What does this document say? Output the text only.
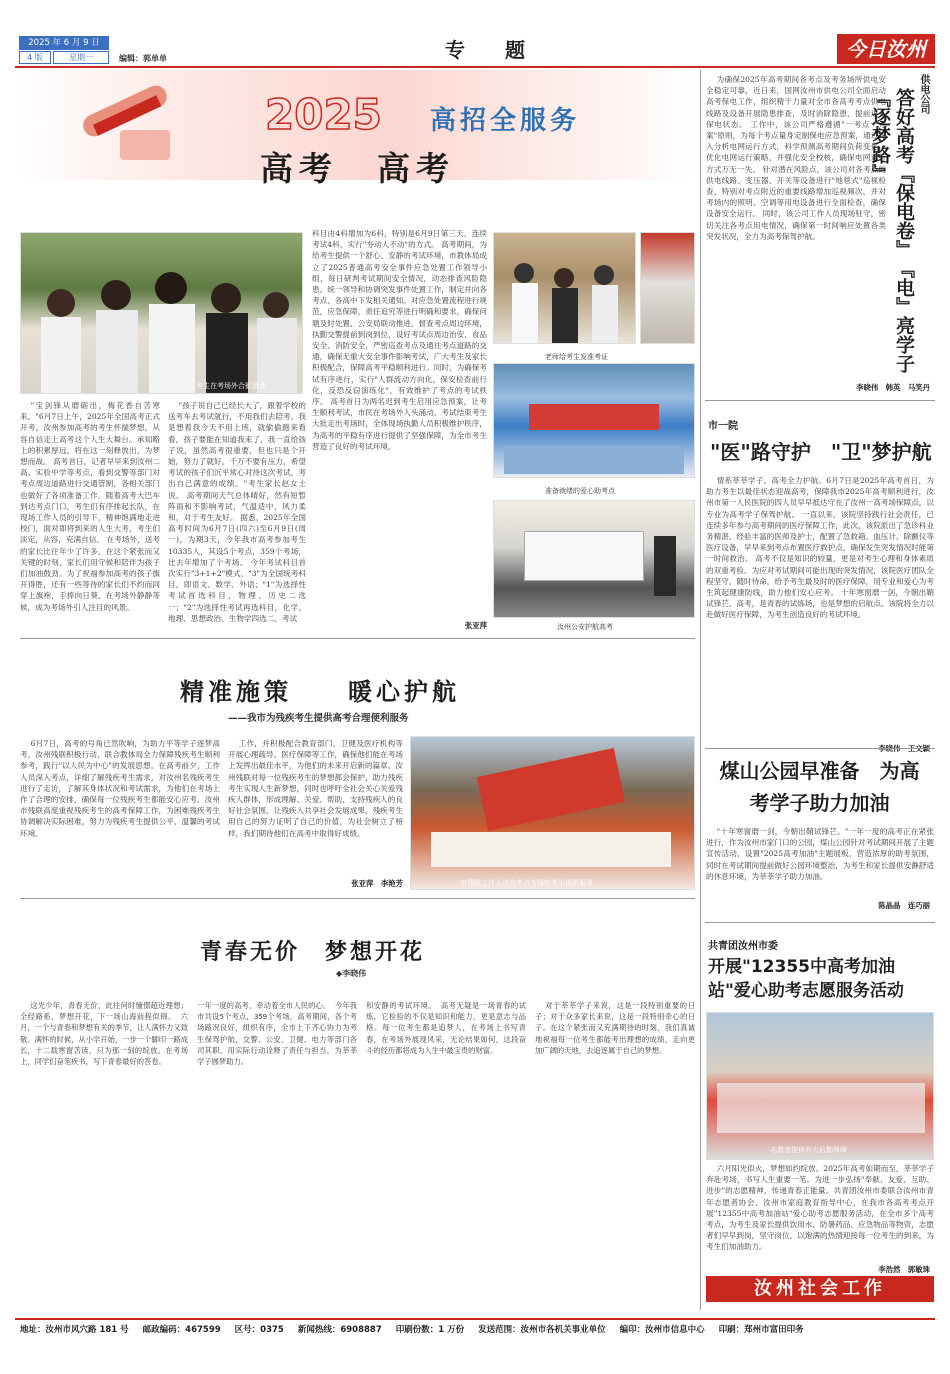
2025 年 6 月 9 日
4 版	星期一	编辑：郭单单	专　　题	今日汝州
2025 高招全服务
高考　高考
考生在考场外合影留念
"宝剑锋从磨砺出，梅花香自苦寒来。"6月7日上午，2025年全国高考正式开考，汝州参加高考的考生怀揣梦想，从容自信走上高考这个人生大舞台。承知略上的积累厚远，将在这一刻释放出，为梦想而战。 高考首日，记者早早来到汝州二高、实验中学等考点，看到交警等部门对考点周边道路进行交通管制，各相关部门也做好了各项准备工作。随着高考大巴车到达考点门口，考生们有序排起长队，在现场工作人员的引导下，精神饱满地走进校门，面对即将到来的人生大考，考生们淡定，从容，充满自信。 在考场外，送考的家长比往年少了许多，在这个紧张而又关键的时刻，家长们用守候和陪伴为孩子们加油鼓劲。为了祝福参加高考的孩子旗开得胜，还有一些等待的家长们不约而同穿上旗袍，手捧向日葵，在考场外静静等候，成为考场外引人注目的风景。
"孩子说自己已经长大了，跟着学校的送考车去考试就行，不用我们去陪考。我是想着我今天不用上班，就偷偷跑来看看，孩子要能在知道我来了，我一直给孩子说，虽然高考很重要，但也只是个开始，努力了就好，千万不要有压力，希望考试的孩子们沉平常心对待这次考试，考出自己满意的成绩。"考生家长赵女士说。 高考期间天气总体晴好，然有短暂阵雨和不影响考试，气温适中，风力柔和，对于考生友好。 据悉，2025年全国高考时间为6月7日(四六)至6月9日(周一)，为期3天，今年我市高考参加考生10335人，其设5个考点，359个考场，比去年增加了个考场。 今年考试科目首次实行"3+1+2"模式，"3"为全国统考科目，即语文、数学、外语；"1"为选择性考试首选科目，物理、历史二选一；"2"为选择性考试再选科目，化学、地理、思想政治、生物学四选二。考试
科目由4科增加为6科，特别是6月9日第三天，连续考试4科，实行"夯动人不动"的方式。 高考期间，为给考生提供一个舒心、安静的考试环境，市教体局成立了2025普通高考安全事件应急处置工作领导小组，每日研判考试期间安全情况，动态排查风险隐患。统一领导和协调突发事件处置工作，制定并向各考点、各高中下发相关通知。对应急处置流程进行规范，应急保障，责任追究等进行明确和要求，确保问题及时处置、公安局联动推进，督查考点周边环境，执勤交警提前到岗到位，设好考试点周边治安、食品安全、消防安全，严密巡查考点及通往考点道路的交通，确保无重大安全事件影响考试，广大考生及家长积极配合，保障高考平稳顺利进行。同时，为确保考试有序进行，实行"人群流动方向化，保安检查前行化，反恐反窃演练化"，有效维护了考点的考试秩序。 高考首日为两名迟到考生启用应急预案，让考生顺利考试，市民在考场外人头涌动、考试结束考生大批走出考场时，全体现场执勤人员积极维护秩序，为高考的平稳有序进行提供了坚强保障，为全市考生营造了良好的考试环境。
张亚萍
老师给考生发准考证
准备就绪的爱心助考点
汝州公安护航高考
精准施策　　暖心护航
——我市为残疾考生提供高考合理便利服务
6月7日，高考的号角已然吹响，为助力平等学子逐梦高考，汝州残联积极行动，联合教体局全力保障残疾考生顺利参考，践行"以人民为中心"的发展思想。在高考前夕，工作人员深入考点，详细了解残疾考生需求，对汝州名残疾考生进行了走访，了解其身体状况和考试需求，为他们在考场上作了合理的安排，确保每一位残疾考生都能安心应考，汝州市残联高度重视残疾考生的高考保障工作，为困难残疾考生协调解决实际困难，努力为残疾考生提供公平、温馨的考试环境。
工作，并积极配合教育部门、卫健及医疗机构等开展心理疏导、医疗保障等工作，确保他们能在考场上发挥出最佳水平，为他们的未来开启新的篇章。汝州残联对每一位残疾考生的梦想都会保护，助力残疾考生实现人生新梦想，同时也呼吁全社会关心关爱残疾人群体，形成理解、关爱、帮助、支持残疾人的良好社会氛围，让残疾人共享社会发展成果，残疾考生用自己的努力证明了自己的价值，为社会树立了榜样，我们期待他们在高考中取得好成绩。
张亚萍　李艳芳	市残联工作人员在考点为残疾考生提供服务
青春无价　梦想开花
◆李晓伟
这光少年，青春无价，此往何时憧憬超近理想；全经路系，梦想开花，下一场山海前程似锦。 六月，一个与青春和梦想有关的季节，让人满怀力又致敬。满怀的时候，从小学开始，一步一个脚印一路成长，十二载寒窗苦读，只为那一刻的绽放。在考场上，同学们奋笔疾书，写下青春最好的答卷。
一年一度的高考，牵动着全市人民的心。 今年我市共设5个考点，359个考场，高考期间，各个考场路况良好，组织有序，全市上下齐心协力为考生保驾护航，交警、公安、卫健、电力等部门各司其职，用实际行动诠释了责任与担当，为莘莘学子圆梦助力。
和安静的考试环境。 高考无疑是一场青春的试炼，它检验的不仅是知识和能力，更是意志与品格。每一位考生都是追梦人，在考场上书写青春，在考场外展现风采，无论结果如何，这段奋斗的经历都将成为人生中最宝贵的财富。
对于莘莘学子来说，这是一段特别重要的日子；对于众多家长来说，这是一段特别牵心的日子。在这个紧张而又充满期待的时刻，我们真诚地祝福每一位考生都能考出理想的成绩，走向更加广阔的天地，去追逐属于自己的梦想。
为确保2025年高考期间各考点及考务场所供电安全稳定可靠，近日来，国网汝州市供电公司全面启动高考保电工作，组织精干力量对全市各高考考点供电线路及设备开展隐患排查，及时消除隐患，提前进入保电状态。 工作中，该公司严格遵循"一考点一方案"原则，为每个考点量身定制保电应急预案，通过深入分析电网运行方式，科学预测高考期间负荷变化，优化电网运行策略，并强化安全校核，确保电网运行方式万无一失。 针对潜在风险点，该公司对各考点的供电线路、变压器、开关等设备进行"地毯式"巡视检查，特别对考点附近的重要线路增加巡视频次，并对考场内的照明、空调等用电设备进行全面检查，确保设备安全运行。 同时，该公司工作人员现场驻守，密切关注各考点用电情况，确保第一时间响应处置各类突发状况，全力为高考保驾护航。
供电公司
答好高考『保电卷』　『电』亮学子『逐梦路』
李晓伟　韩英　马笑丹
市一院
"医"路守护　"卫"梦护航
情系莘莘学子，高考全力护航。6月7日是2025年高考首日，为助力考生以最佳状态迎战高考，保障我市2025年高考顺利进行，汝州市第一人民医院的四人员早早抵达守在了汝州一高考场保障点，以专业为高考学子保驾护航。 一直以来，该院坚持践行社会责任，已连续多年参与高考期间的医疗保障工作，此次，该院派出了急诊科业务精湛、经验丰富的医师及护士，配置了急救箱、血压计、除颤仪等医疗设备，早早来到考点布置医疗救护点，确保发生突发情况时能第一时间救治。 高考不仅是知识的较量，更是对考生心理和身体素质的双重考验。为应对考试期间可能出现的突发情况，该院医疗团队全程坚守，随时待命，给予考生最及时的医疗保障，用专业和爱心为考生筑起健康防线，助力他们安心应考。 十年寒窗磨一剑，今朝出鞘试锋芒。高考，是青春的试炼场，也是梦想的启航点。该院将全力以赴做好医疗保障，为考生创造良好的考试环境。
煤山公园早准备　为高考学子助力加油
"十年寒窗磨一剑，今朝出鞘试锋芒。"一年一度的高考正在紧张进行，作为汝州市家门口的公园，煤山公园针对考试期间开展了主题宣传活动，设置"2025高考加油"主题展板，营造浓厚的助考氛围，同时在考试期间提前做好公园环境整治，为考生和家长提供安静舒适的休息环境，为莘莘学子助力加油。
陈晶晶　连巧丽
共青团汝州市委
开展"12355中高考加油站"爱心助考志愿服务活动
志愿者提供有力后勤保障
六月阳光似火，梦想如约绽放。2025年高考如期而至，莘莘学子奔赴考场，书写人生重要一笔。为进一步弘扬"奉献、友爱、互助、进步"的志愿精神，传递青春正能量。共青团汝州市委联合汝州市青年志愿者协会、汝州市家庭教育指导中心，在我市各高考考点开展"12355中高考加油站"爱心助考志愿服务活动，在全市多个高考考点，为考生及家长提供饮用水、防暑药品、应急物品等物资，志愿者们早早到岗，坚守岗位，以饱满的热情迎接每一位考生的到来，为考生们加油助力。
李浩然　郭敏珠
汝州社会工作
地址：汝州市风穴路 181 号 邮政编码：467599 区号：0375 新闻热线：6908887 印刷份数：1 万份 发送范围：汝州市各机关事业单位 编印：汝州市信息中心 印刷：郑州市富田印务
